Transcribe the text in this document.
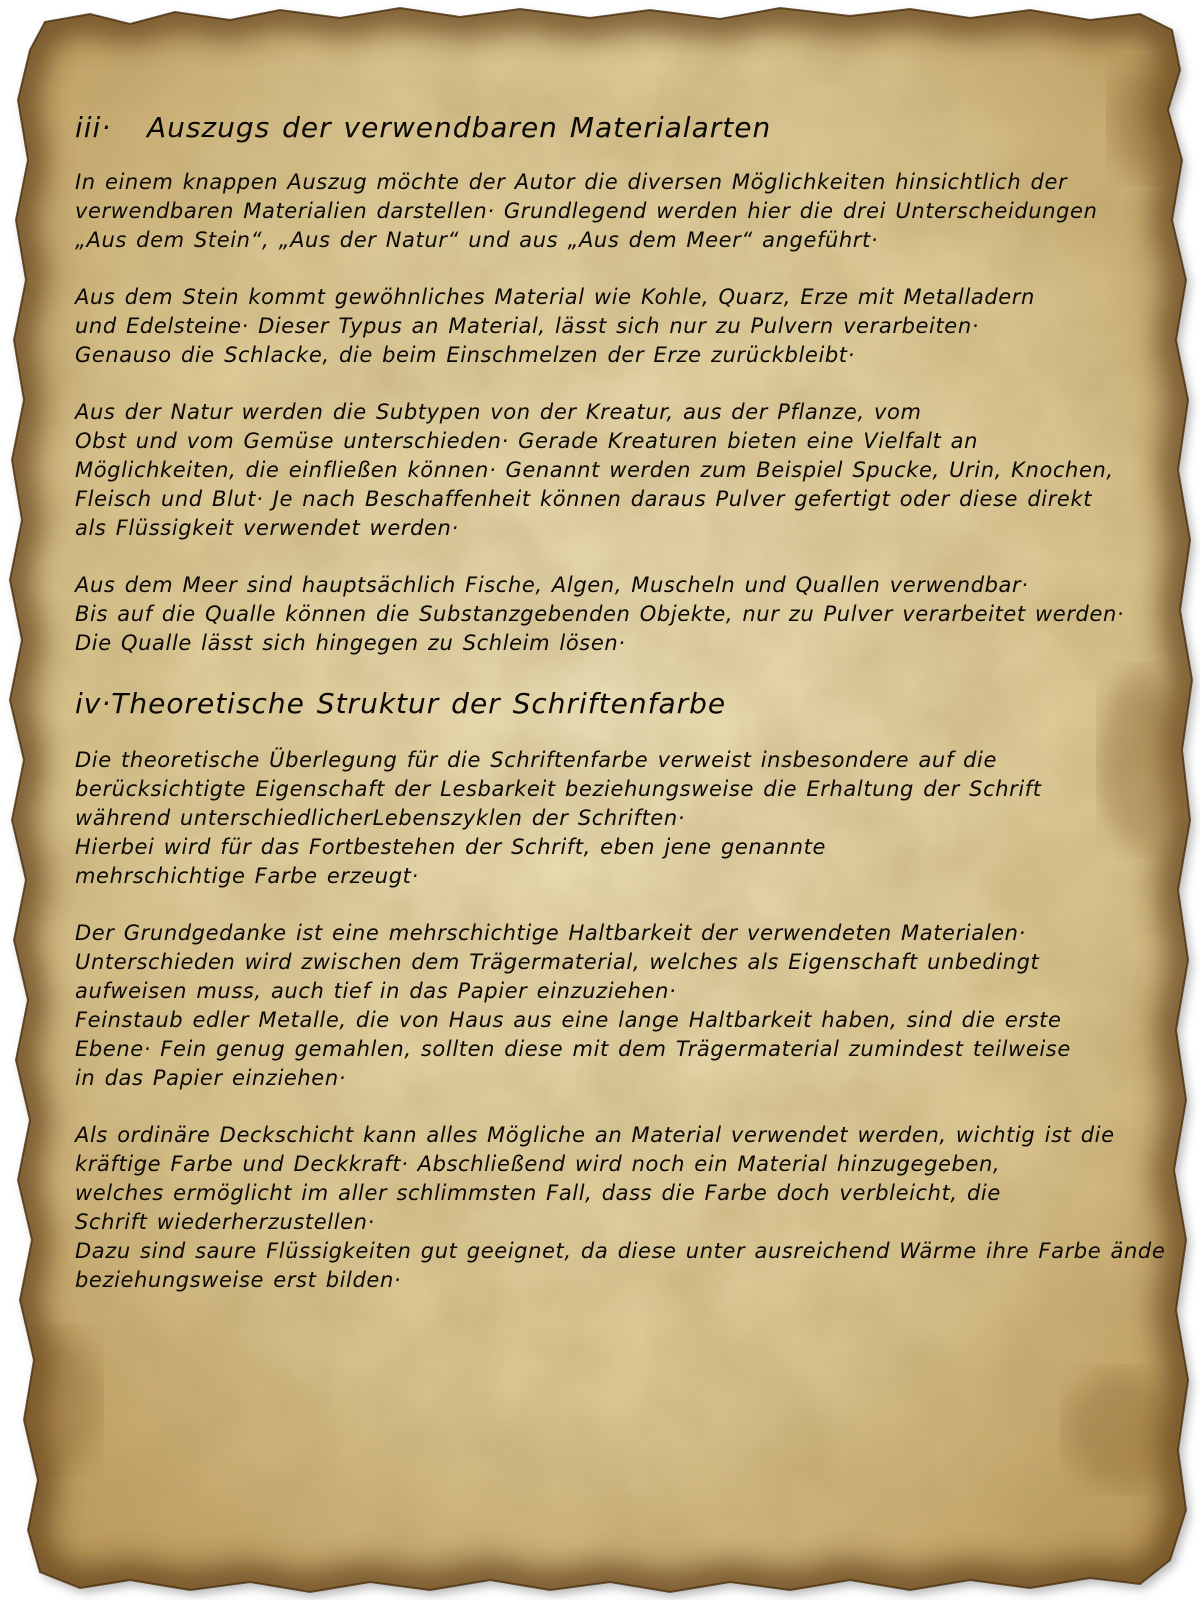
iii·   Auszugs der verwendbaren Materialarten
In einem knappen Auszug möchte der Autor die diversen Möglichkeiten hinsichtlich der
verwendbaren Materialien darstellen· Grundlegend werden hier die drei Unterscheidungen
„Aus dem Stein“, „Aus der Natur“ und aus „Aus dem Meer“ angeführt·
Aus dem Stein kommt gewöhnliches Material wie Kohle, Quarz, Erze mit Metalladern
und Edelsteine· Dieser Typus an Material, lässt sich nur zu Pulvern verarbeiten·
Genauso die Schlacke, die beim Einschmelzen der Erze zurückbleibt·
Aus der Natur werden die Subtypen von der Kreatur, aus der Pflanze, vom
Obst und vom Gemüse unterschieden· Gerade Kreaturen bieten eine Vielfalt an
Möglichkeiten, die einfließen können· Genannt werden zum Beispiel Spucke, Urin, Knochen,
Fleisch und Blut· Je nach Beschaffenheit können daraus Pulver gefertigt oder diese direkt
als Flüssigkeit verwendet werden·
Aus dem Meer sind hauptsächlich Fische, Algen, Muscheln und Quallen verwendbar·
Bis auf die Qualle können die Substanzgebenden Objekte, nur zu Pulver verarbeitet werden·
Die Qualle lässt sich hingegen zu Schleim lösen·
iv·Theoretische Struktur der Schriftenfarbe
Die theoretische Überlegung für die Schriftenfarbe verweist insbesondere auf die
berücksichtigte Eigenschaft der Lesbarkeit beziehungsweise die Erhaltung der Schrift
während unterschiedlicherLebenszyklen der Schriften·
Hierbei wird für das Fortbestehen der Schrift, eben jene genannte
mehrschichtige Farbe erzeugt·
Der Grundgedanke ist eine mehrschichtige Haltbarkeit der verwendeten Materialen·
Unterschieden wird zwischen dem Trägermaterial, welches als Eigenschaft unbedingt
aufweisen muss, auch tief in das Papier einzuziehen·
Feinstaub edler Metalle, die von Haus aus eine lange Haltbarkeit haben, sind die erste
Ebene· Fein genug gemahlen, sollten diese mit dem Trägermaterial zumindest teilweise
in das Papier einziehen·
Als ordinäre Deckschicht kann alles Mögliche an Material verwendet werden, wichtig ist die
kräftige Farbe und Deckkraft· Abschließend wird noch ein Material hinzugegeben,
welches ermöglicht im aller schlimmsten Fall, dass die Farbe doch verbleicht, die
Schrift wiederherzustellen·
Dazu sind saure Flüssigkeiten gut geeignet, da diese unter ausreichend Wärme ihre Farbe ände
beziehungsweise erst bilden·
